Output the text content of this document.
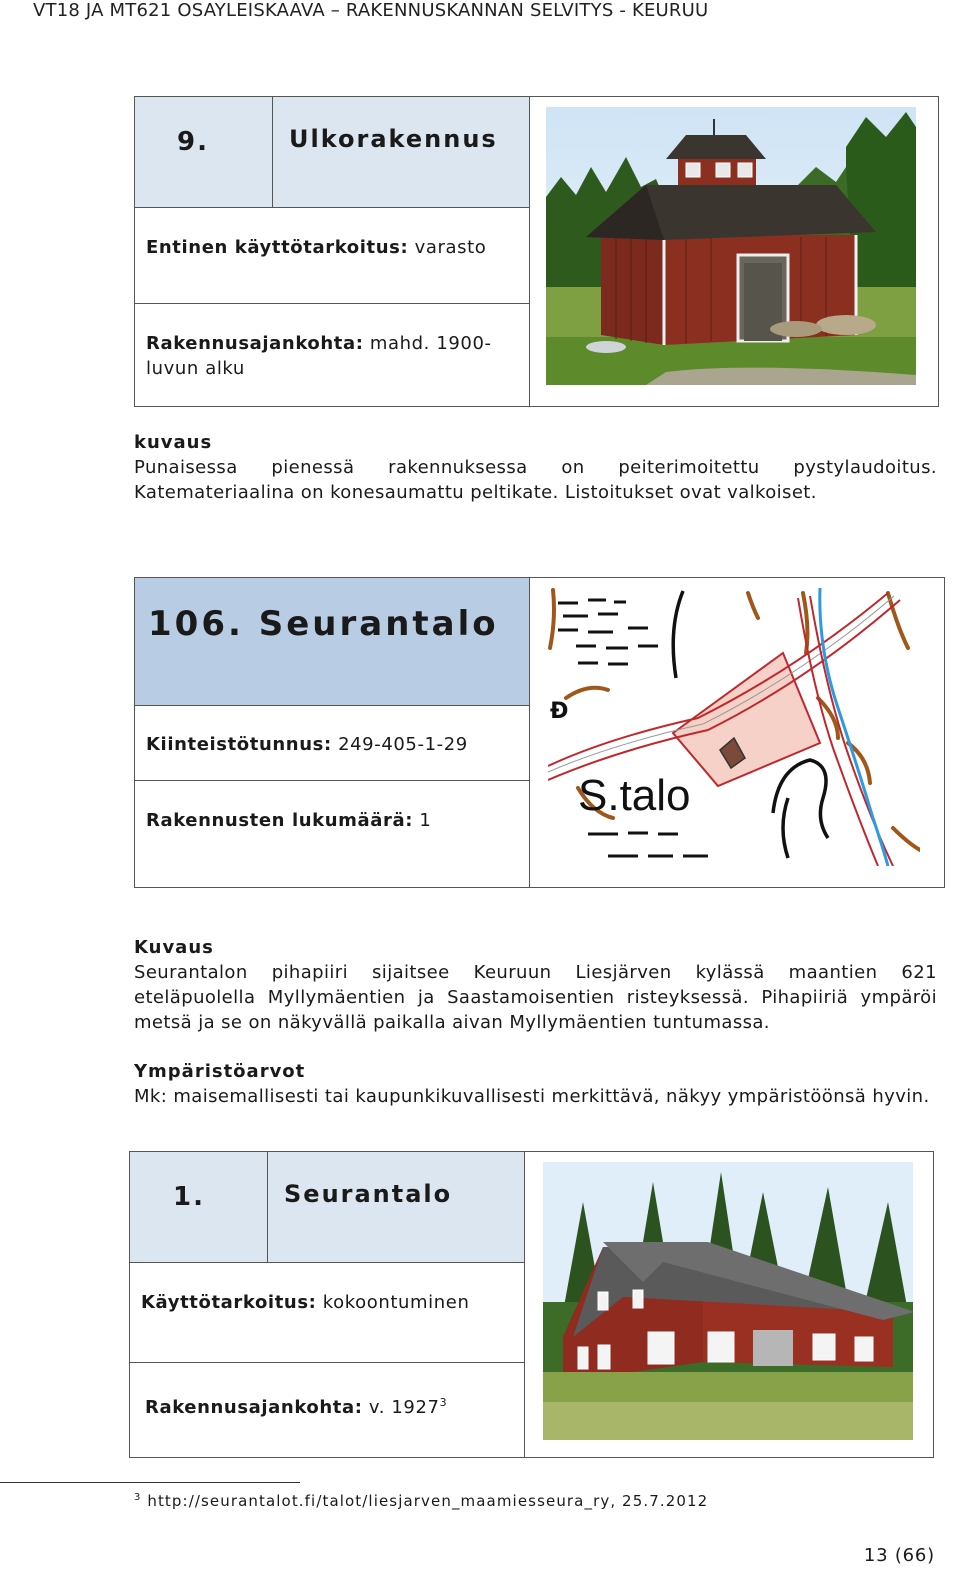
VT18 JA MT621 OSAYLEISKAAVA – RAKENNUSKANNAN SELVITYS - KEURUU
9.	Ulkorakennus
Entinen käyttötarkoitus: varasto
Rakennusajankohta: mahd. 1900-
luvun alku
kuvaus
Punaisessa pienessä rakennuksessa on peiterimoitettu pystylaudoitus. Katemateriaalina on konesaumattu peltikate. Listoitukset ovat valkoiset.
106. Seurantalo
Kiinteistötunnus: 249-405-1-29
Rakennusten lukumäärä: 1
Ð
S.talo
Kuvaus
Seurantalon pihapiiri sijaitsee Keuruun Liesjärven kylässä maantien 621 eteläpuolella Myllymäentien ja Saastamoisentien risteyksessä. Pihapiiriä ympäröi metsä ja se on näkyvällä paikalla aivan Myllymäentien tuntumassa.
Ympäristöarvot
Mk: maisemallisesti tai kaupunkikuvallisesti merkittävä, näkyy ympäristöönsä hyvin.
1.	Seurantalo
Käyttötarkoitus: kokoontuminen
Rakennusajankohta: v. 1927$^3$
$^3$ http://seurantalot.fi/talot/liesjarven_maamiesseura_ry, 25.7.2012
13 (66)
